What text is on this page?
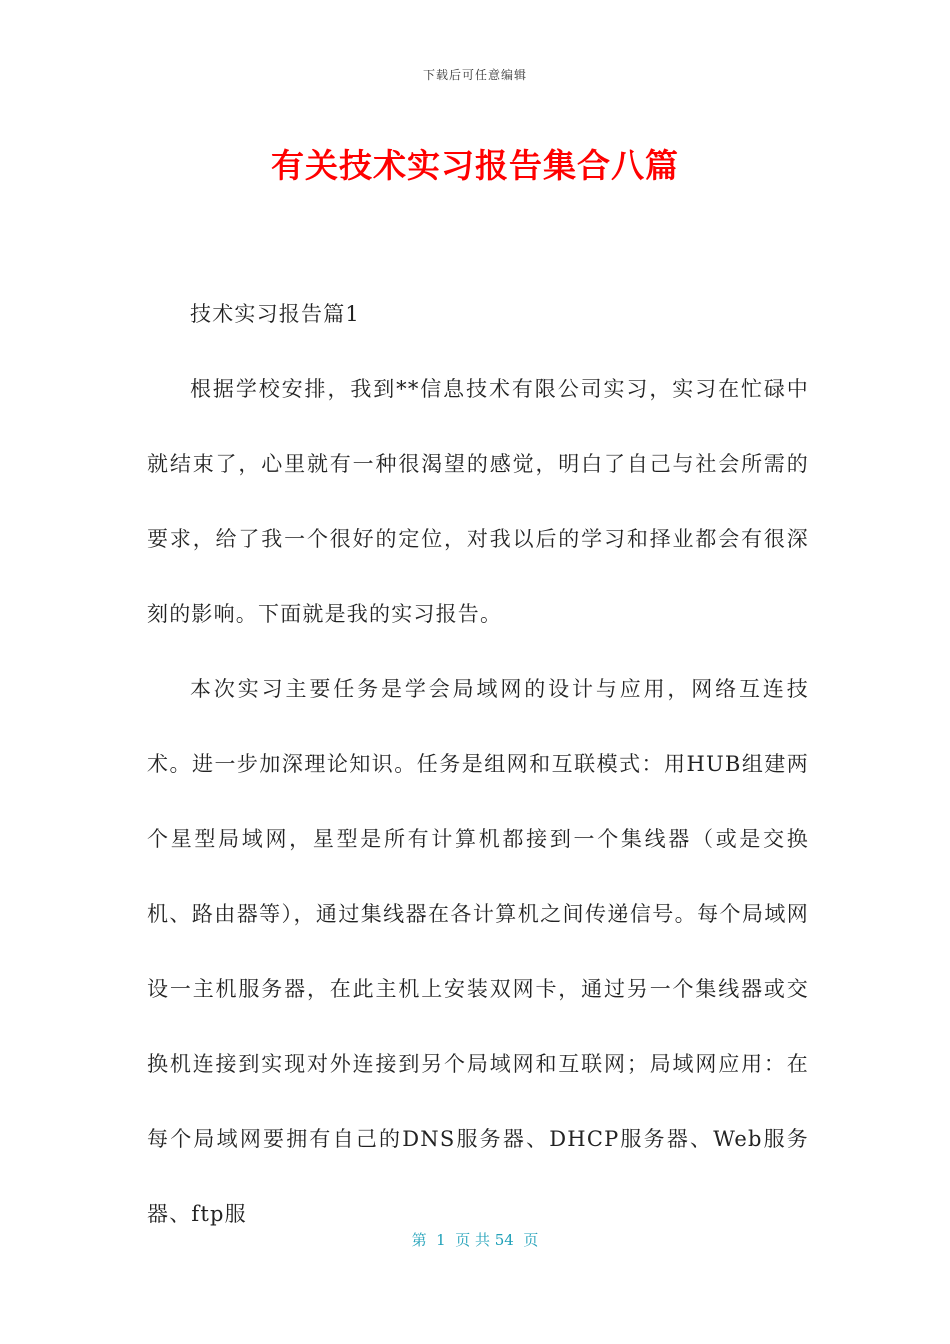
下载后可任意编辑
有关技术实习报告集合八篇

技术实习报告篇1

根据学校安排，我到**信息技术有限公司实习，实习在忙碌中就结束了，心里就有一种很渴望的感觉，明白了自己与社会所需的要求，给了我一个很好的定位，对我以后的学习和择业都会有很深刻的影响。下面就是我的实习报告。

本次实习主要任务是学会局域网的设计与应用，网络互连技术。进一步加深理论知识。任务是组网和互联模式：用HUB组建两个星型局域网，星型是所有计算机都接到一个集线器（或是交换机、路由器等），通过集线器在各计算机之间传递信号。每个局域网设一主机服务器，在此主机上安装双网卡，通过另一个集线器或交换机连接到实现对外连接到另个局域网和互联网；局域网应用：在每个局域网要拥有自己的DNS服务器、DHCP服务器、Web服务器、ftp服

第  1  页 共 54  页
